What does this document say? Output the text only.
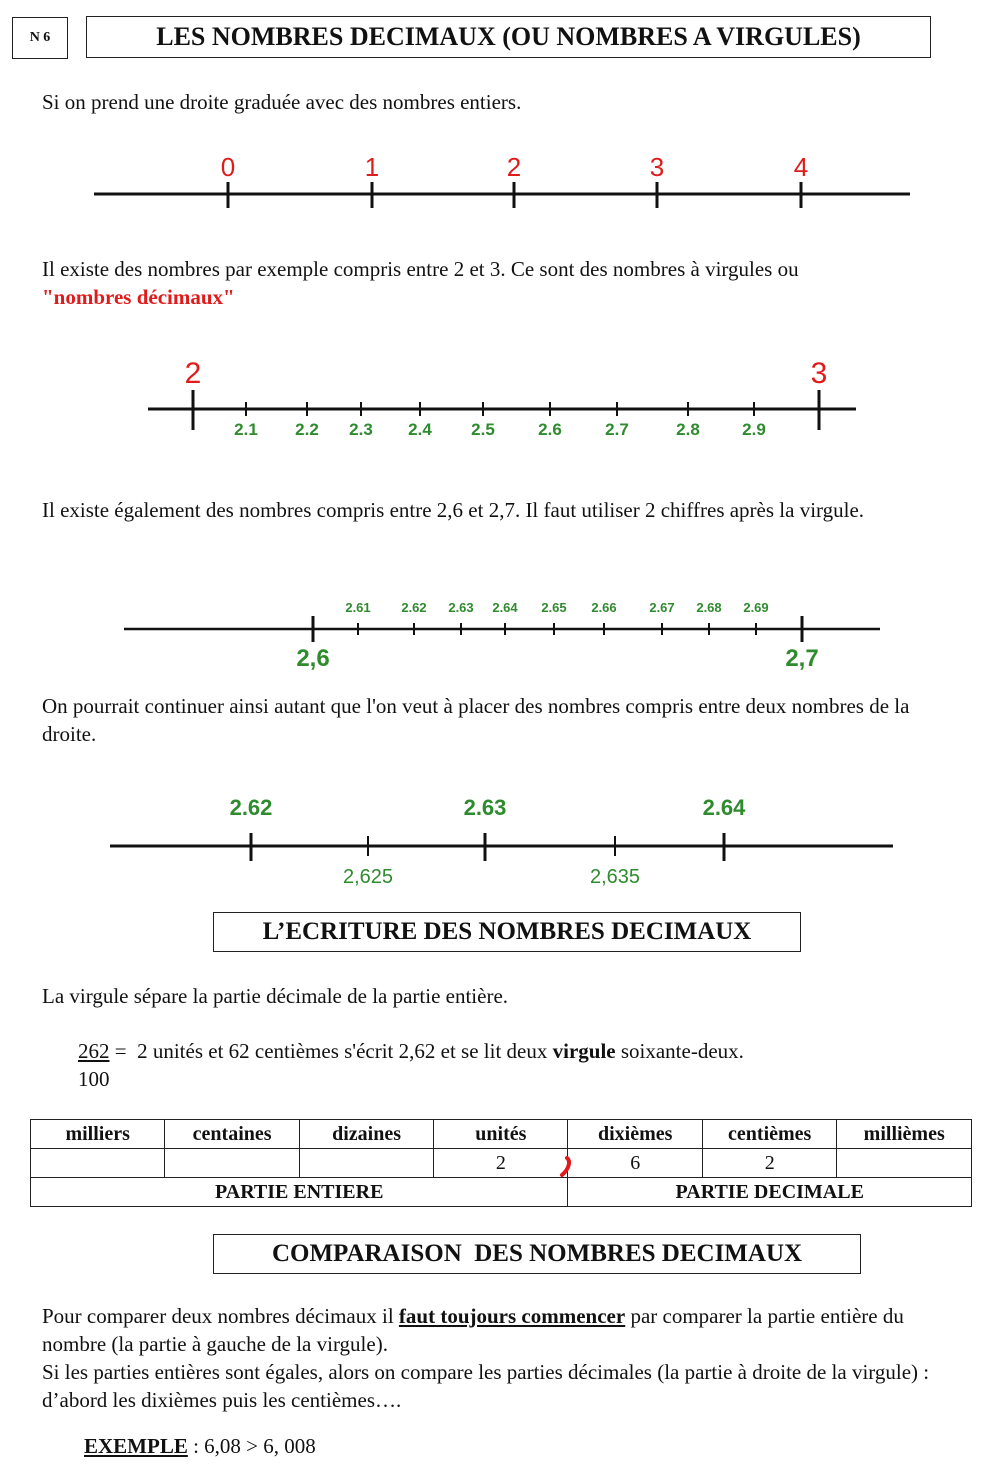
N 6	LES NOMBRES DECIMAUX (OU NOMBRES A VIRGULES)
Si on prend une droite graduée avec des nombres entiers.
0	1	2	3	4
Il existe des nombres par exemple compris entre 2 et 3. Ce sont des nombres à virgules ou
"nombres décimaux"
2	3
2.1 2.2 2.3 2.4 2.5	2.6	2.7	2.8 2.9
Il existe également des nombres compris entre 2,6 et 2,7. Il faut utiliser 2 chiffres après la virgule.
2,6	2,7
2.61 2.62 2.63 2.64 2.65 2.66	2.67 2.68 2.69
On pourrait continuer ainsi autant que l'on veut à placer des nombres compris entre deux nombres de la droite.
2.62	2.63	2.64
2,625	2,635
L’ECRITURE DES NOMBRES DECIMAUX
La virgule sépare la partie décimale de la partie entière.
262 = 2 unités et 62 centièmes s'écrit 2,62 et se lit deux virgule soixante-deux.
100
milliers	centaines	dizaines	unités	dixièmes	centièmes	millièmes
			2	6	2	
PARTIE ENTIERE				PARTIE DECIMALE		
COMPARAISON  DES NOMBRES DECIMAUX
Pour comparer deux nombres décimaux il faut toujours commencer par comparer la partie entière du nombre (la partie à gauche de la virgule).
Si les parties entières sont égales, alors on compare les parties décimales (la partie à droite de la virgule) : d’abord les dixièmes puis les centièmes….
EXEMPLE : 6,08 > 6, 008
